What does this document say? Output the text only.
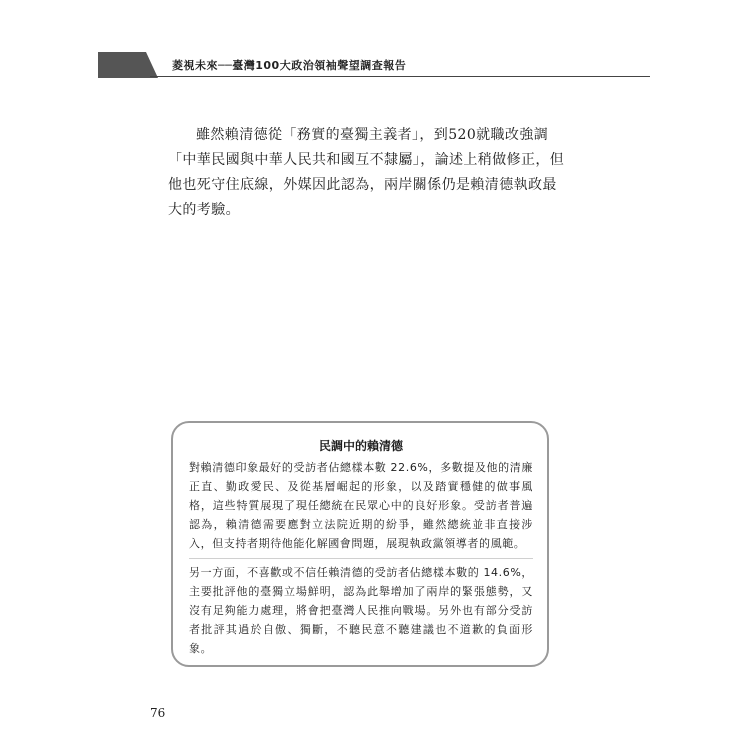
菱視未來──臺灣100大政治領袖聲望調查報告

雖然賴清德從「務實的臺獨主義者」，到520就職改強調「中華民國與中華人民共和國互不隸屬」，論述上稍做修正，但他也死守住底線，外媒因此認為，兩岸關係仍是賴清德執政最大的考驗。

民調中的賴清德

對賴清德印象最好的受訪者佔總樣本數 22.6%，多數提及他的清廉正直、勤政愛民、及從基層崛起的形象，以及踏實穩健的做事風格，這些特質展現了現任總統在民眾心中的良好形象。受訪者普遍認為，賴清德需要應對立法院近期的紛爭，雖然總統並非直接涉入，但支持者期待他能化解國會問題，展現執政黨領導者的風範。

另一方面，不喜歡或不信任賴清德的受訪者佔總樣本數的 14.6%，主要批評他的臺獨立場鮮明，認為此舉增加了兩岸的緊張態勢，又沒有足夠能力處理，將會把臺灣人民推向戰場。另外也有部分受訪者批評其過於自傲、獨斷，不聽民意不聽建議也不道歉的負面形象。

76
